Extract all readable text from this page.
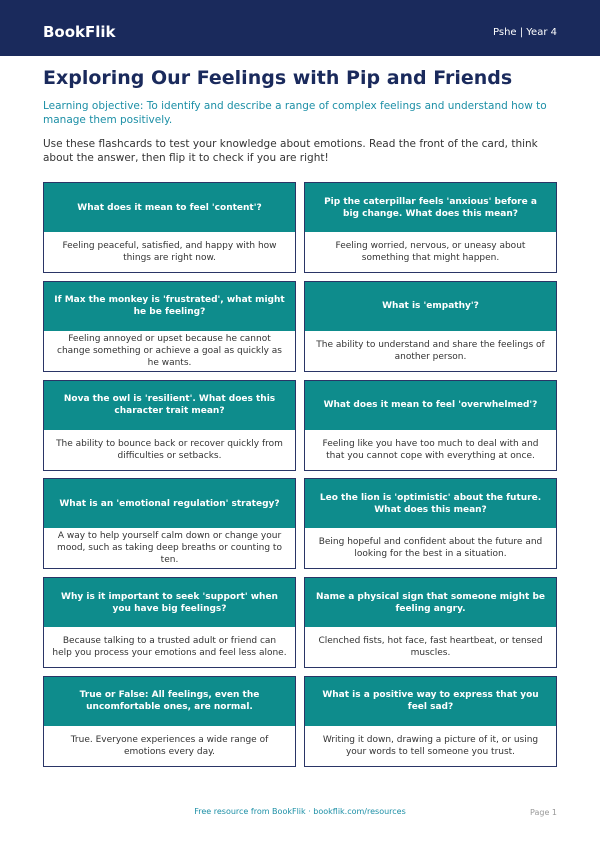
BookFlik	Pshe | Year 4
Exploring Our Feelings with Pip and Friends

Learning objective: To identify and describe a range of complex feelings and understand how to manage them positively.

Use these flashcards to test your knowledge about emotions. Read the front of the card, think about the answer, then flip it to check if you are right!

What does it mean to feel 'content'?
Feeling peaceful, satisfied, and happy with how things are right now.
Pip the caterpillar feels 'anxious' before a big change. What does this mean?
Feeling worried, nervous, or uneasy about something that might happen.
If Max the monkey is 'frustrated', what might he be feeling?
Feeling annoyed or upset because he cannot change something or achieve a goal as quickly as he wants.
What is 'empathy'?
The ability to understand and share the feelings of another person.
Nova the owl is 'resilient'. What does this character trait mean?
The ability to bounce back or recover quickly from difficulties or setbacks.
What does it mean to feel 'overwhelmed'?
Feeling like you have too much to deal with and that you cannot cope with everything at once.
What is an 'emotional regulation' strategy?
A way to help yourself calm down or change your mood, such as taking deep breaths or counting to ten.
Leo the lion is 'optimistic' about the future. What does this mean?
Being hopeful and confident about the future and looking for the best in a situation.
Why is it important to seek 'support' when you have big feelings?
Because talking to a trusted adult or friend can help you process your emotions and feel less alone.
Name a physical sign that someone might be feeling angry.
Clenched fists, hot face, fast heartbeat, or tensed muscles.
True or False: All feelings, even the uncomfortable ones, are normal.
True. Everyone experiences a wide range of emotions every day.
What is a positive way to express that you feel sad?
Writing it down, drawing a picture of it, or using your words to tell someone you trust.
Free resource from BookFlik · bookflik.com/resources	Page 1
